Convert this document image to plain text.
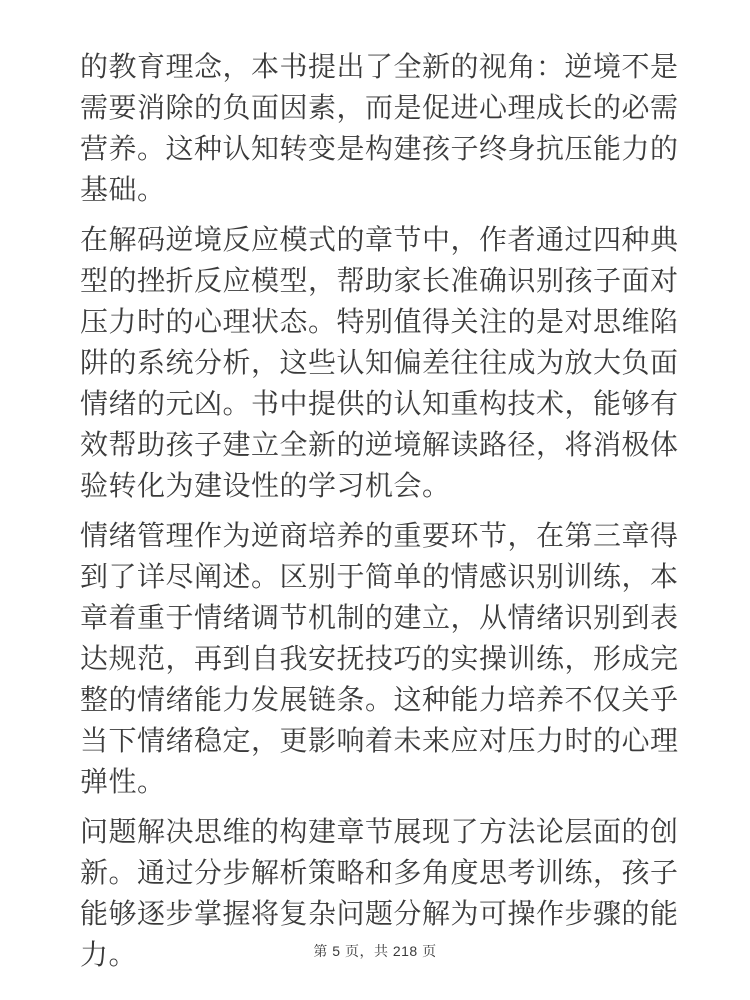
的教育理念，本书提出了全新的视角：逆境不是需要消除的负面因素，而是促进心理成长的必需营养。这种认知转变是构建孩子终身抗压能力的基础。

在解码逆境反应模式的章节中，作者通过四种典型的挫折反应模型，帮助家长准确识别孩子面对压力时的心理状态。特别值得关注的是对思维陷阱的系统分析，这些认知偏差往往成为放大负面情绪的元凶。书中提供的认知重构技术，能够有效帮助孩子建立全新的逆境解读路径，将消极体验转化为建设性的学习机会。

情绪管理作为逆商培养的重要环节，在第三章得到了详尽阐述。区别于简单的情感识别训练，本章着重于情绪调节机制的建立，从情绪识别到表达规范，再到自我安抚技巧的实操训练，形成完整的情绪能力发展链条。这种能力培养不仅关乎当下情绪稳定，更影响着未来应对压力时的心理弹性。

问题解决思维的构建章节展现了方法论层面的创新。通过分步解析策略和多角度思考训练，孩子能够逐步掌握将复杂问题分解为可操作步骤的能力。	第 5 页，共 218 页
